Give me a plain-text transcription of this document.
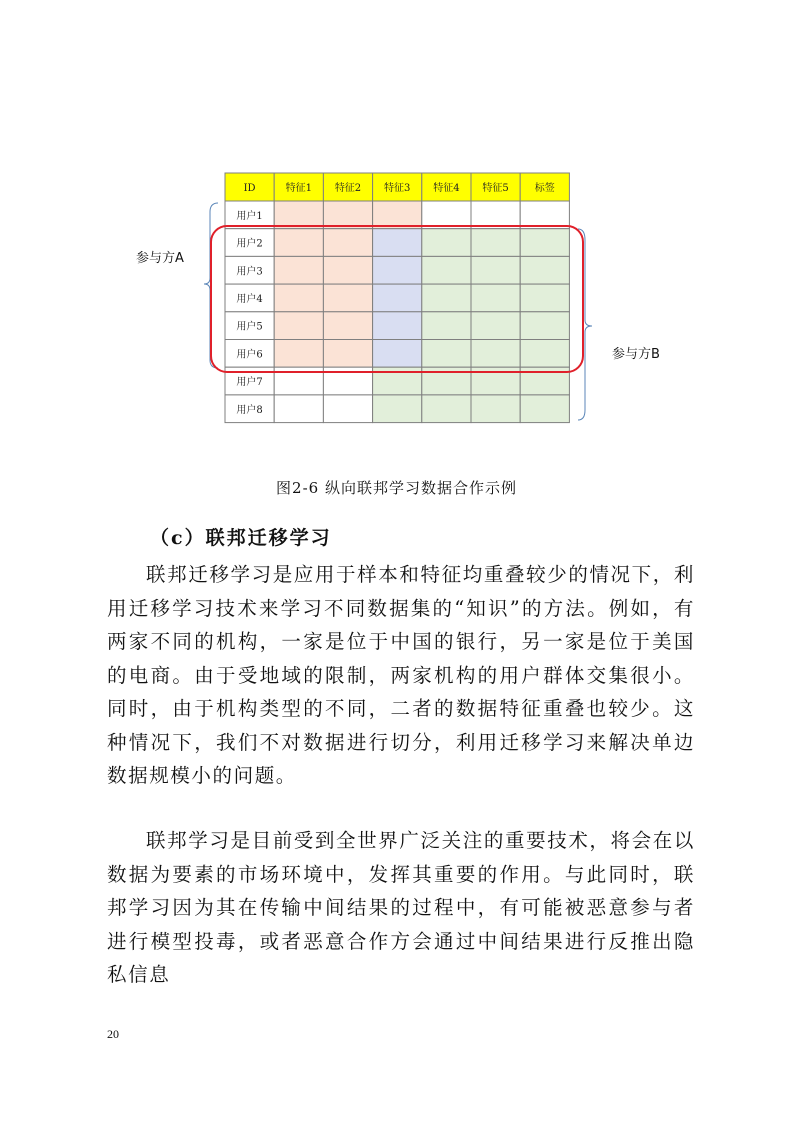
ID	特征1 特征2 特征3 特征4 特征5	标签
用户1
用户2
用户3
用户4
用户5
用户6
用户7
用户8
参与方A
参与方B
图2-6 纵向联邦学习数据合作示例
（c）联邦迁移学习

联邦迁移学习是应用于样本和特征均重叠较少的情况下，利用迁移学习技术来学习不同数据集的“知识”的方法。例如，有两家不同的机构，一家是位于中国的银行，另一家是位于美国的电商。由于受地域的限制，两家机构的用户群体交集很小。同时，由于机构类型的不同，二者的数据特征重叠也较少。这种情况下，我们不对数据进行切分，利用迁移学习来解决单边数据规模小的问题。

联邦学习是目前受到全世界广泛关注的重要技术，将会在以数据为要素的市场环境中，发挥其重要的作用。与此同时，联邦学习因为其在传输中间结果的过程中，有可能被恶意参与者进行模型投毒，或者恶意合作方会通过中间结果进行反推出隐私信息

20
